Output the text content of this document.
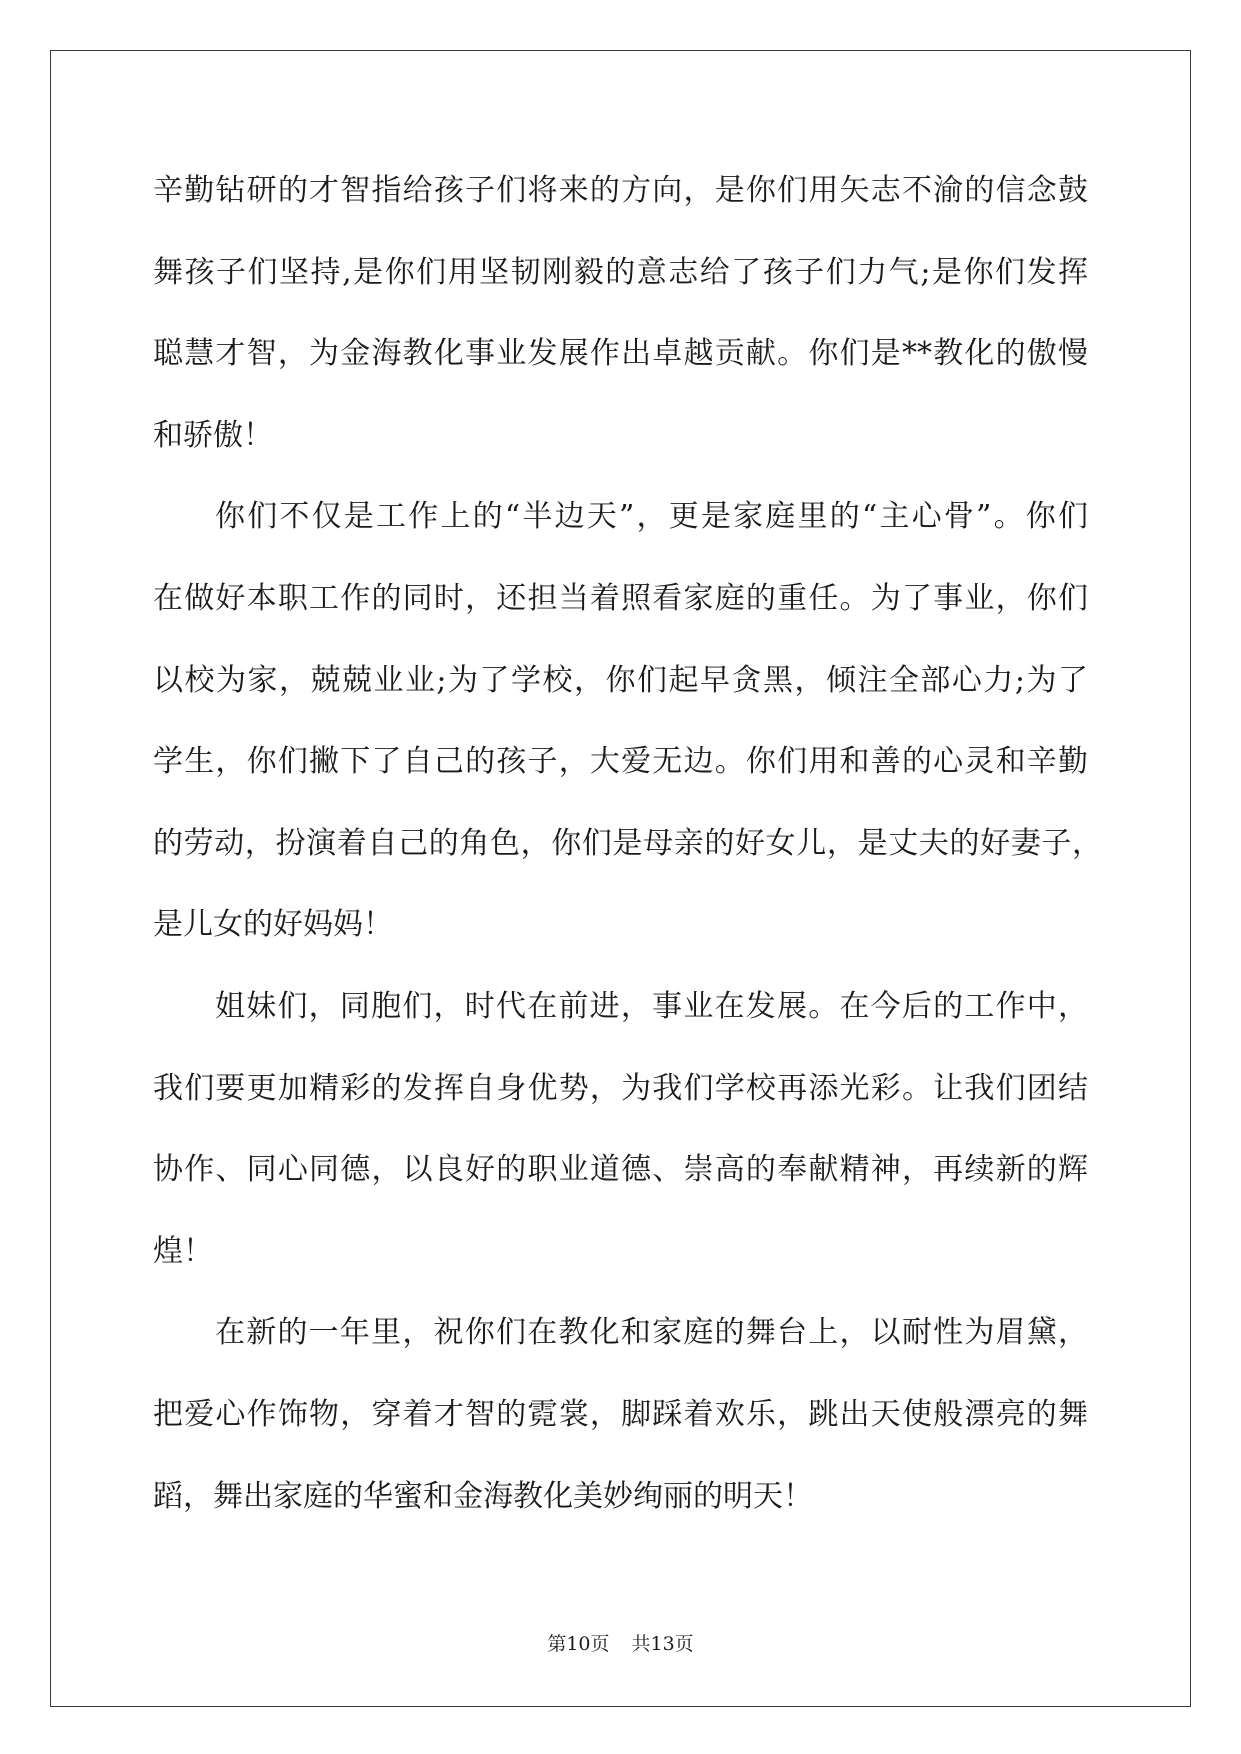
辛勤钻研的才智指给孩子们将来的方向，是你们用矢志不渝的信念鼓
舞孩子们坚持,是你们用坚韧刚毅的意志给了孩子们力气;是你们发挥
聪慧才智，为金海教化事业发展作出卓越贡献。你们是**教化的傲慢
和骄傲！
你们不仅是工作上的“半边天”，更是家庭里的“主心骨”。你们
在做好本职工作的同时，还担当着照看家庭的重任。为了事业，你们
以校为家，兢兢业业;为了学校，你们起早贪黑，倾注全部心力;为了
学生，你们撇下了自己的孩子，大爱无边。你们用和善的心灵和辛勤
的劳动，扮演着自己的角色，你们是母亲的好女儿，是丈夫的好妻子，
是儿女的好妈妈！
姐妹们，同胞们，时代在前进，事业在发展。在今后的工作中，
我们要更加精彩的发挥自身优势，为我们学校再添光彩。让我们团结
协作、同心同德，以良好的职业道德、崇高的奉献精神，再续新的辉
煌！
在新的一年里，祝你们在教化和家庭的舞台上，以耐性为眉黛，
把爱心作饰物，穿着才智的霓裳，脚踩着欢乐，跳出天使般漂亮的舞
蹈，舞出家庭的华蜜和金海教化美妙绚丽的明天！
第10页 共13页
